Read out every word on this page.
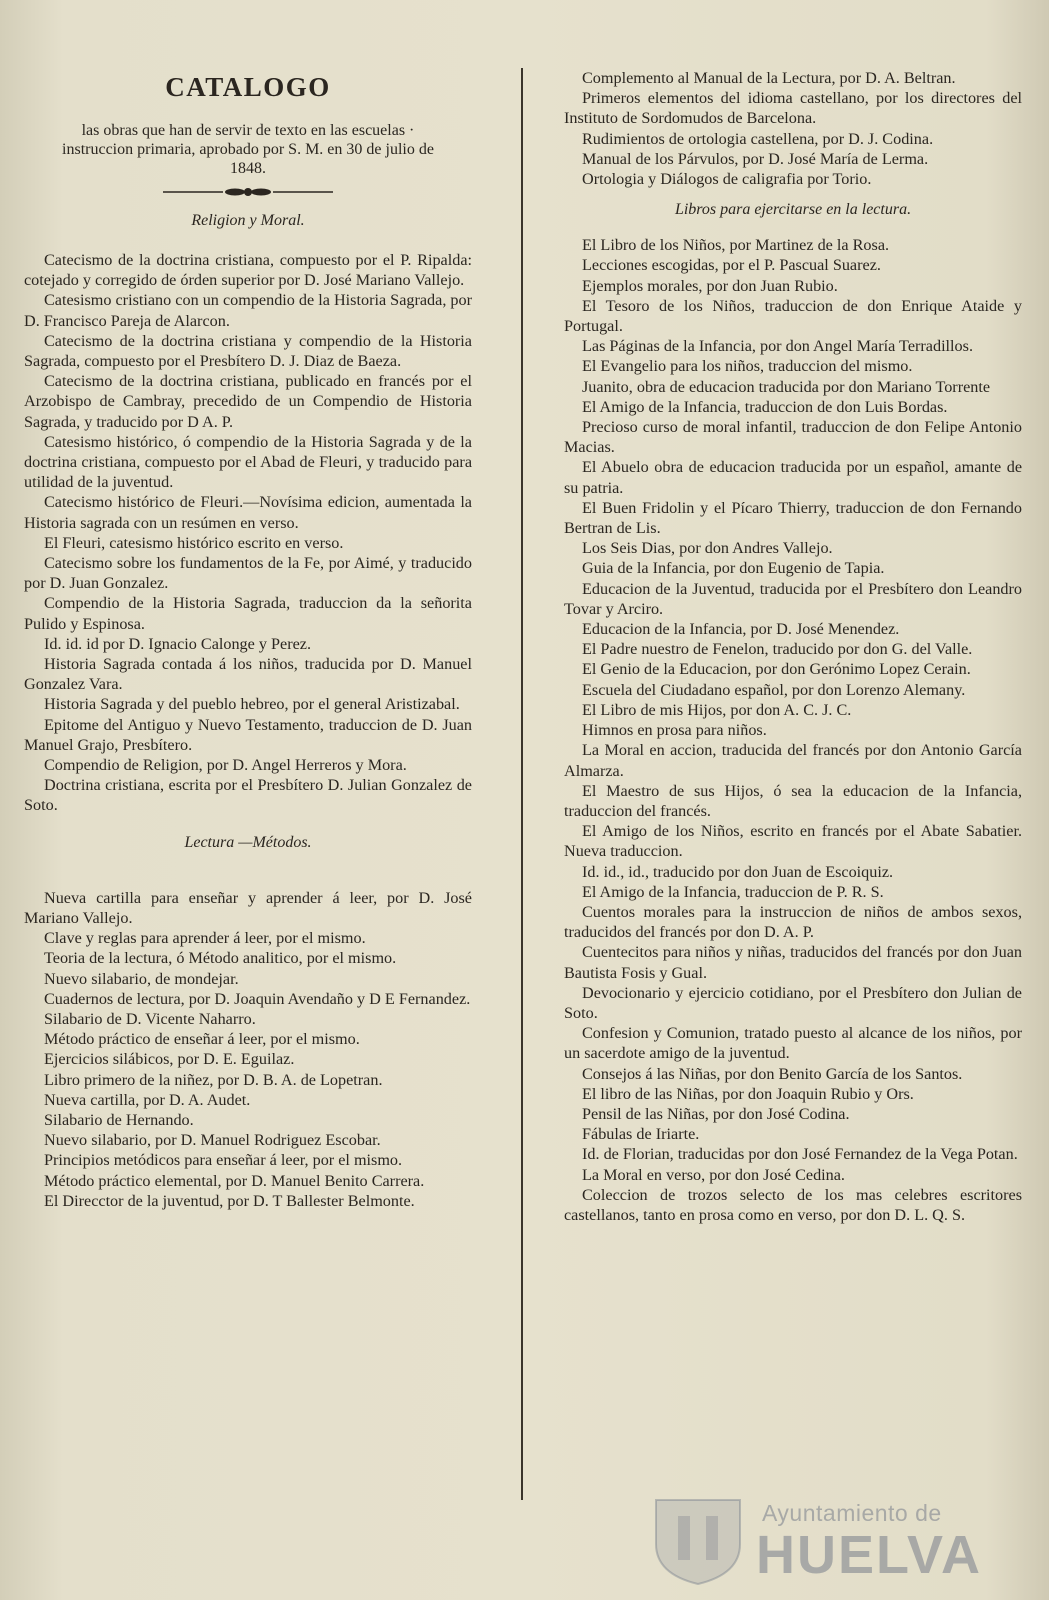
CATALOGO
las obras que han de servir de texto en las escuelas · instruccion primaria, aprobado por S. M. en 30 de julio de 1848.
Religion y Moral.

Catecismo de la doctrina cristiana, compuesto por el P. Ripalda: cotejado y corregido de órden superior por D. José Mariano Vallejo.

Catesismo cristiano con un compendio de la Historia Sagrada, por D. Francisco Pareja de Alarcon.

Catecismo de la doctrina cristiana y compendio de la Historia Sagrada, compuesto por el Presbítero D. J. Diaz de Baeza.

Catecismo de la doctrina cristiana, publicado en francés por el Arzobispo de Cambray, precedido de un Compendio de Historia Sagrada, y traducido por D A. P.

Catesismo histórico, ó compendio de la Historia Sagrada y de la doctrina cristiana, compuesto por el Abad de Fleuri, y traducido para utilidad de la juventud.

Catecismo histórico de Fleuri.—Novísima edicion, aumentada la Historia sagrada con un resúmen en verso.

El Fleuri, catesismo histórico escrito en verso.

Catecismo sobre los fundamentos de la Fe, por Aimé, y traducido por D. Juan Gonzalez.

Compendio de la Historia Sagrada, traduccion da la señorita Pulido y Espinosa.

Id. id. id por D. Ignacio Calonge y Perez.

Historia Sagrada contada á los niños, traducida por D. Manuel Gonzalez Vara.

Historia Sagrada y del pueblo hebreo, por el general Aristizabal.

Epitome del Antiguo y Nuevo Testamento, traduccion de D. Juan Manuel Grajo, Presbítero.

Compendio de Religion, por D. Angel Herreros y Mora.

Doctrina cristiana, escrita por el Presbítero D. Julian Gonzalez de Soto.

Lectura —Métodos.

Nueva cartilla para enseñar y aprender á leer, por D. José Mariano Vallejo.

Clave y reglas para aprender á leer, por el mismo.

Teoria de la lectura, ó Método analitico, por el mismo.

Nuevo silabario, de mondejar.

Cuadernos de lectura, por D. Joaquin Avendaño y D E Fernandez.

Silabario de D. Vicente Naharro.

Método práctico de enseñar á leer, por el mismo.

Ejercicios silábicos, por D. E. Eguilaz.

Libro primero de la niñez, por D. B. A. de Lopetran.

Nueva cartilla, por D. A. Audet.

Silabario de Hernando.

Nuevo silabario, por D. Manuel Rodriguez Escobar.

Principios metódicos para enseñar á leer, por el mismo.

Método práctico elemental, por D. Manuel Benito Carrera.

El Direcctor de la juventud, por D. T Ballester Belmonte.

Complemento al Manual de la Lectura, por D. A. Beltran.

Primeros elementos del idioma castellano, por los directores del Instituto de Sordomudos de Barcelona.

Rudimientos de ortologia castellena, por D. J. Codina.

Manual de los Párvulos, por D. José María de Lerma.

Ortologia y Diálogos de caligrafia por Torio.

Libros para ejercitarse en la lectura.

El Libro de los Niños, por Martinez de la Rosa.

Lecciones escogidas, por el P. Pascual Suarez.

Ejemplos morales, por don Juan Rubio.

El Tesoro de los Niños, traduccion de don Enrique Ataide y Portugal.

Las Páginas de la Infancia, por don Angel María Terradillos.

El Evangelio para los niños, traduccion del mismo.

Juanito, obra de educacion traducida por don Mariano Torrente

El Amigo de la Infancia, traduccion de don Luis Bordas.

Precioso curso de moral infantil, traduccion de don Felipe Antonio Macias.

El Abuelo obra de educacion traducida por un español, amante de su patria.

El Buen Fridolin y el Pícaro Thierry, traduccion de don Fernando Bertran de Lis.

Los Seis Dias, por don Andres Vallejo.

Guia de la Infancia, por don Eugenio de Tapia.

Educacion de la Juventud, traducida por el Presbítero don Leandro Tovar y Arciro.

Educacion de la Infancia, por D. José Menendez.

El Padre nuestro de Fenelon, traducido por don G. del Valle.

El Genio de la Educacion, por don Gerónimo Lopez Cerain.

Escuela del Ciudadano español, por don Lorenzo Alemany.

El Libro de mis Hijos, por don A. C. J. C.

Himnos en prosa para niños.

La Moral en accion, traducida del francés por don Antonio García Almarza.

El Maestro de sus Hijos, ó sea la educacion de la Infancia, traduccion del francés.

El Amigo de los Niños, escrito en francés por el Abate Sabatier. Nueva traduccion.

Id. id., id., traducido por don Juan de Escoiquiz.

El Amigo de la Infancia, traduccion de P. R. S.

Cuentos morales para la instruccion de niños de ambos sexos, traducidos del francés por don D. A. P.

Cuentecitos para niños y niñas, traducidos del francés por don Juan Bautista Fosis y Gual.

Devocionario y ejercicio cotidiano, por el Presbítero don Julian de Soto.

Confesion y Comunion, tratado puesto al alcance de los niños, por un sacerdote amigo de la juventud.

Consejos á las Niñas, por don Benito García de los Santos.

El libro de las Niñas, por don Joaquin Rubio y Ors.

Pensil de las Niñas, por don José Codina.

Fábulas de Iriarte.

Id. de Florian, traducidas por don José Fernandez de la Vega Potan.

La Moral en verso, por don José Cedina.

Coleccion de trozos selecto de los mas celebres escritores castellanos, tanto en prosa como en verso, por don D. L. Q. S.

Ayuntamiento de
HUELVA
